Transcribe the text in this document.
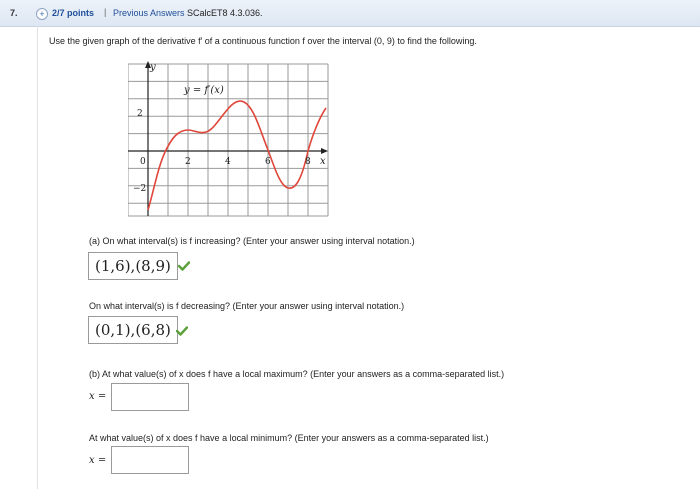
7.	+ 2/7 points | Previous Answers SCalcET8 4.3.036.
Use the given graph of the derivative f′ of a continuous function f over the interval (0, 9) to find the following.
y
x
y = f′(x)
2
−2
0	2	4	6	8
(a) On what interval(s) is f increasing? (Enter your answer using interval notation.)
(1,6),(8,9)
On what interval(s) is f decreasing? (Enter your answer using interval notation.)
(0,1),(6,8)
(b) At what value(s) of x does f have a local maximum? (Enter your answers as a comma-separated list.)
x =
At what value(s) of x does f have a local minimum? (Enter your answers as a comma-separated list.)
x =
